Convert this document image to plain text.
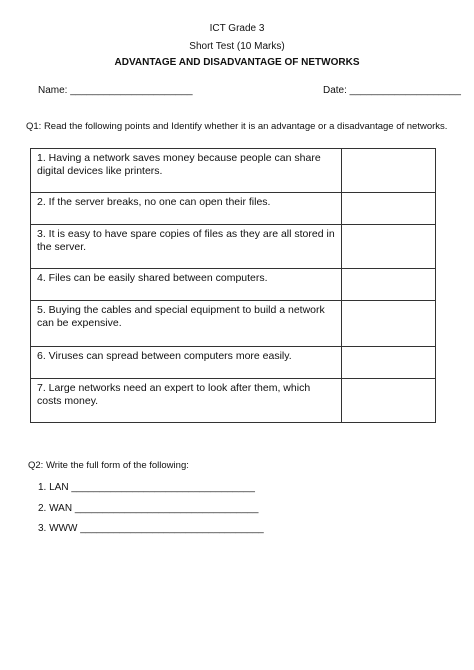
ICT Grade 3
Short Test (10 Marks)
ADVANTAGE AND DISADVANTAGE OF NETWORKS
Name: ______________________	Date: ____________________
Q1: Read the following points and Identify whether it is an advantage or a disadvantage of networks.
1. Having a network saves money because people can share digital devices like printers.	
2. If the server breaks, no one can open their files.	
3. It is easy to have spare copies of files as they are all stored in the server.	
4. Files can be easily shared between computers.	
5. Buying the cables and special equipment to build a network can be expensive.	
6. Viruses can spread between computers more easily.	
7. Large networks need an expert to look after them, which costs money.	
Q2: Write the full form of the following:
1. LAN _________________________________
2. WAN _________________________________
3. WWW _________________________________
